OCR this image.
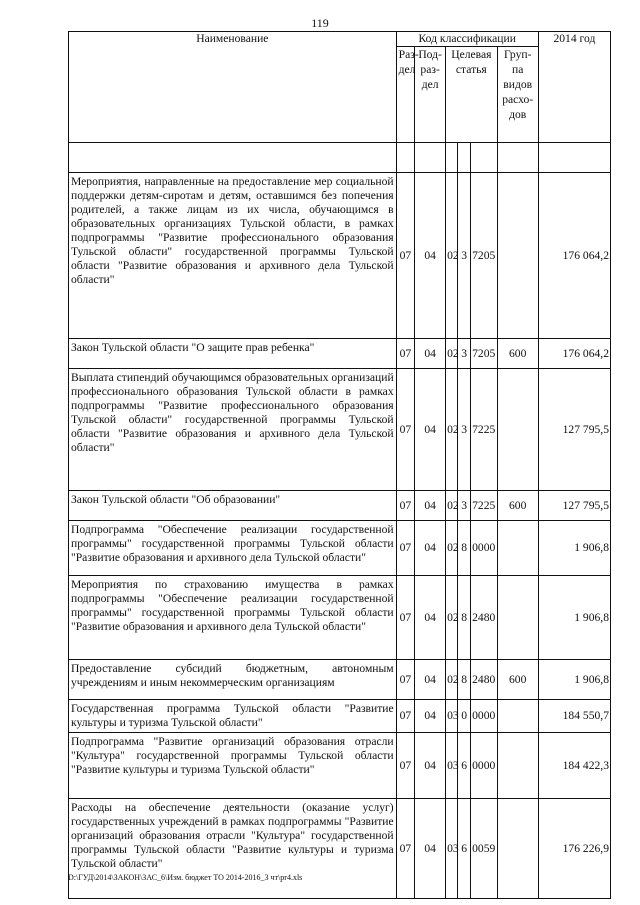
119
Наименование	Код классификации						2014 год
	Раз-дел	Под-раз-дел	Целевая статья			Груп-па видов расхо-дов	

Мероприятия, направленные на предоставление мер социальной поддержки детям-сиротам и детям, оставшимся без попечения родителей, а также лицам из их числа, обучающимся в образовательных организациях Тульской области, в рамках подпрограммы "Развитие профессионального образования Тульской области" государственной программы Тульской области "Развитие образования и архивного дела Тульской области"	07	04	02	3	7205		176 064,2
Закон Тульской области "О защите прав ребенка"	07	04	02	3	7205	600	176 064,2
Выплата стипендий обучающимся образовательных организаций профессионального образования Тульской области в рамках подпрограммы "Развитие профессионального образования Тульской области" государственной программы Тульской области "Развитие образования и архивного дела Тульской области"	07	04	02	3	7225		127 795,5
Закон Тульской области "Об образовании"	07	04	02	3	7225	600	127 795,5
Подпрограмма "Обеспечение реализации государственной программы" государственной программы Тульской области "Развитие образования и архивного дела Тульской области"	07	04	02	8	0000		1 906,8
Мероприятия по страхованию имущества в рамках подпрограммы "Обеспечение реализации государственной программы" государственной программы Тульской области "Развитие образования и архивного дела Тульской области"	07	04	02	8	2480		1 906,8
Предоставление субсидий бюджетным, автономным учреждениям и иным некоммерческим организациям	07	04	02	8	2480	600	1 906,8
Государственная программа Тульской области "Развитие культуры и туризма Тульской области"	07	04	03	0	0000		184 550,7
Подпрограмма "Развитие организаций образования отрасли "Культура" государственной программы Тульской области "Развитие культуры и туризма Тульской области"	07	04	03	6	0000		184 422,3
Расходы на обеспечение деятельности (оказание услуг) государственных учреждений в рамках подпрограммы "Развитие организаций образования отрасли "Культура" государственной программы Тульской области "Развитие культуры и туризма Тульской области"	07	04	03	6	0059		176 226,9
D:\ГУД\2014\ЗАКОН\ЗАС_6\Изм. бюджет ТО 2014-2016_3 чт\pr4.xls
